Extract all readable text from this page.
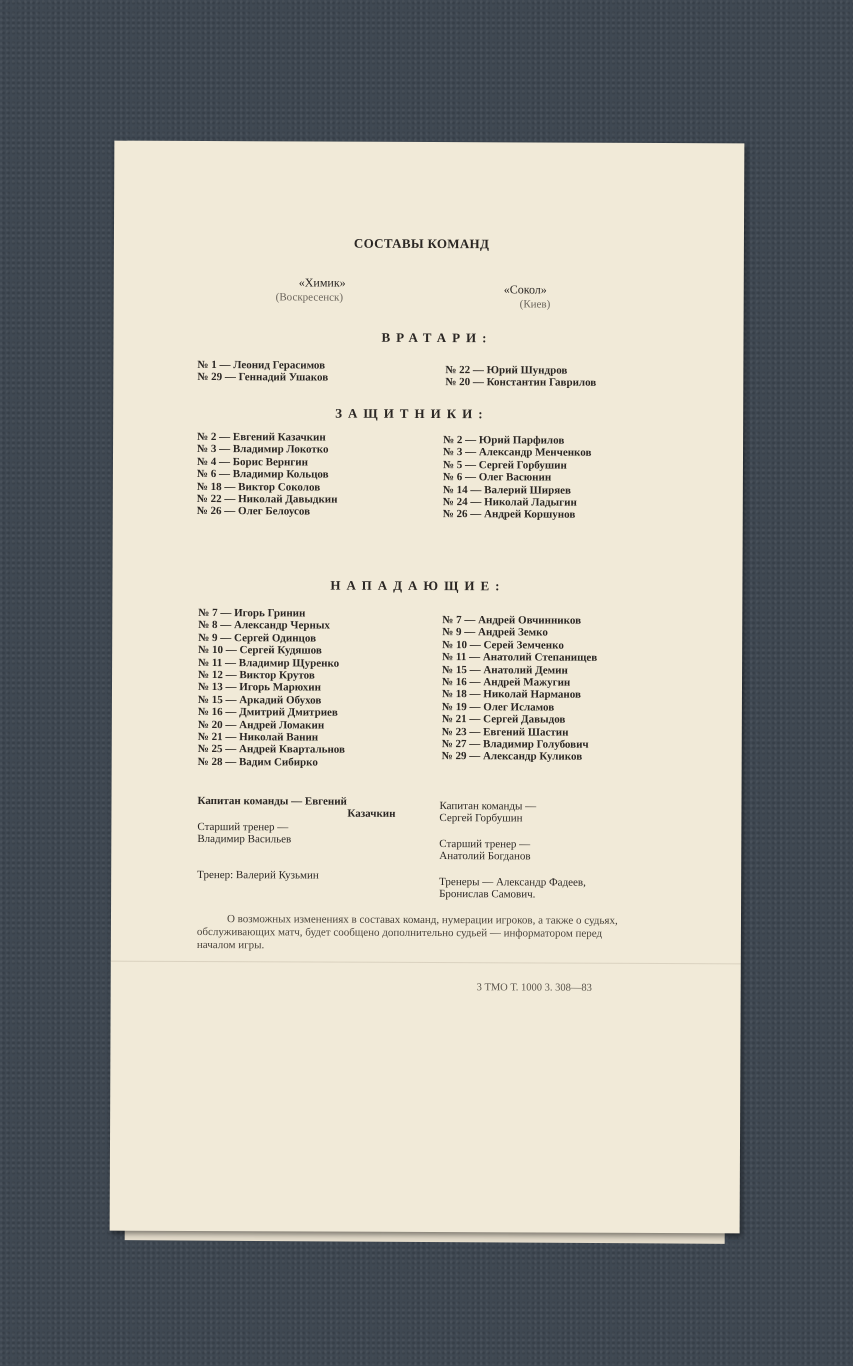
СОСТАВЫ КОМАНД
«Химик»
(Воскресенск)
«Сокол»
(Киев)
ВРАТАРИ:
№ 1 — Леонид Герасимов
№ 29 — Геннадий Ушаков
№ 22 — Юрий Шундров
№ 20 — Константин Гаврилов
ЗАЩИТНИКИ:
№ 2 — Евгений Казачкин
№ 3 — Владимир Локотко
№ 4 — Борис Вернгин
№ 6 — Владимир Кольцов
№ 18 — Виктор Соколов
№ 22 — Николай Давыдкин
№ 26 — Олег Белоусов
№ 2 — Юрий Парфилов
№ 3 — Александр Менченков
№ 5 — Сергей Горбушин
№ 6 — Олег Васюнин
№ 14 — Валерий Ширяев
№ 24 — Николай Ладыгин
№ 26 — Андрей Коршунов
НАПАДАЮЩИЕ:
№ 7 — Игорь Гринин
№ 8 — Александр Черных
№ 9 — Сергей Одинцов
№ 10 — Сергей Кудяшов
№ 11 — Владимир Щуренко
№ 12 — Виктор Крутов
№ 13 — Игорь Марюхин
№ 15 — Аркадий Обухов
№ 16 — Дмитрий Дмитриев
№ 20 — Андрей Ломакин
№ 21 — Николай Ванин
№ 25 — Андрей Квартальнов
№ 28 — Вадим Сибирко
№ 7 — Андрей Овчинников
№ 9 — Андрей Земко
№ 10 — Серей Земченко
№ 11 — Анатолий Степанищев
№ 15 — Анатолий Демин
№ 16 — Андрей Мажугин
№ 18 — Николай Нарманов
№ 19 — Олег Исламов
№ 21 — Сергей Давыдов
№ 23 — Евгений Шастин
№ 27 — Владимир Голубович
№ 29 — Александр Куликов
Капитан команды — Евгений
Казачкин
Старший тренер —
Владимир Васильев
Тренер: Валерий Кузьмин
Капитан команды —
Сергей Горбушин
Старший тренер —
Анатолий Богданов
Тренеры — Александр Фадеев,
Бронислав Самович.
О возможных изменениях в составах команд, нумерации игроков, а также о судьях, обслуживающих матч, будет сообщено дополнительно судьей — информатором перед началом игры.
3 ТМО Т. 1000 3. 308—83
